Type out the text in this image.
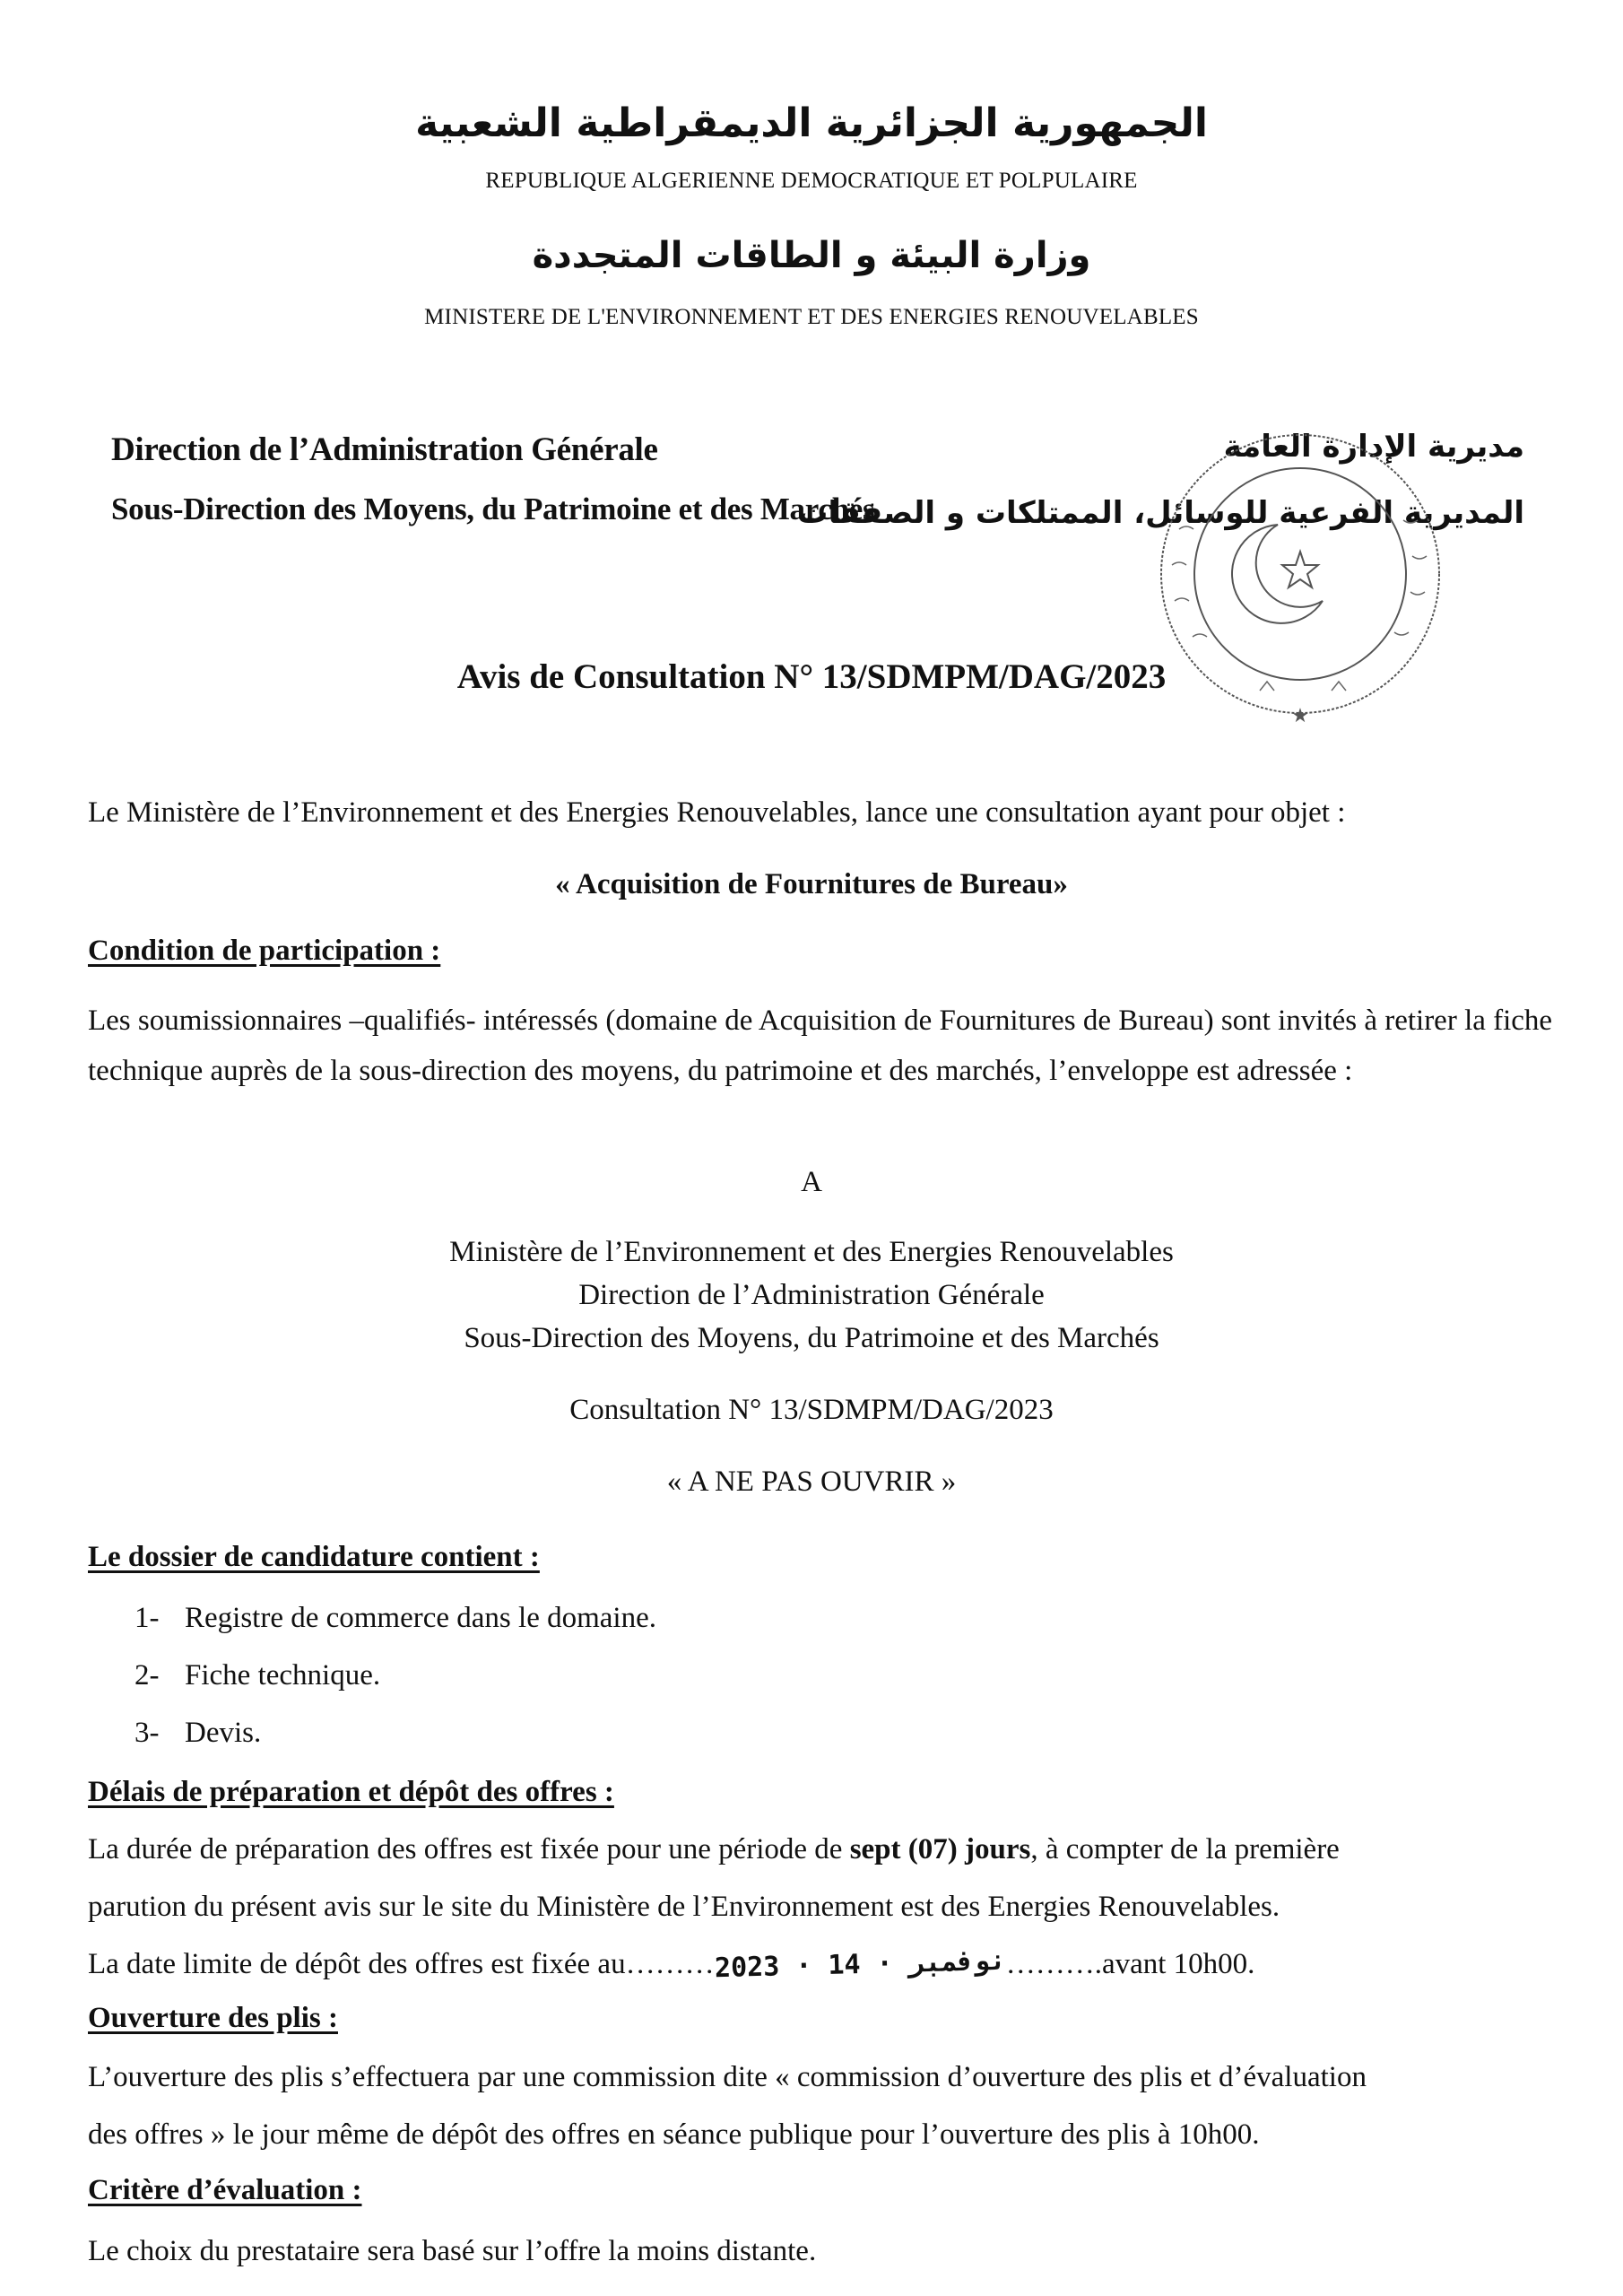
الجمهورية الجزائرية الديمقراطية الشعبية
REPUBLIQUE ALGERIENNE DEMOCRATIQUE ET POLPULAIRE
وزارة البيئة و الطاقات المتجددة
MINISTERE DE L'ENVIRONNEMENT ET DES ENERGIES RENOUVELABLES
Direction de l’Administration Générale
Sous-Direction des Moyens, du Patrimoine et des Marchés
مديرية الإدارة العامة
المديرية الفرعية للوسائل، الممتلكات و الصفقات
★
Avis de Consultation N° 13/SDMPM/DAG/2023
Le Ministère de l’Environnement et des Energies Renouvelables, lance une consultation ayant pour objet :
« Acquisition de Fournitures de Bureau»
Condition de participation :
Les soumissionnaires –qualifiés- intéressés (domaine de Acquisition de Fournitures de Bureau) sont invités à retirer la fiche technique auprès de la sous-direction des moyens, du patrimoine et des marchés, l’enveloppe est adressée :
A
Ministère de l’Environnement et des Energies Renouvelables
Direction de l’Administration Générale
Sous-Direction des Moyens, du Patrimoine et des Marchés
Consultation N° 13/SDMPM/DAG/2023
« A NE PAS OUVRIR »
Le dossier de candidature contient :
1- Registre de commerce dans le domaine.
2- Fiche technique.
3- Devis.
Délais de préparation et dépôt des offres :
La durée de préparation des offres est fixée pour une période de sept (07) jours, à compter de la première
parution du présent avis sur le site du Ministère de l’Environnement est des Energies Renouvelables.
La date limite de dépôt des offres est fixée au………2023 · نوفمبر · 14……….avant 10h00.
Ouverture des plis :
L’ouverture des plis s’effectuera par une commission dite « commission d’ouverture des plis et d’évaluation
des offres » le jour même de dépôt des offres en séance publique pour l’ouverture des plis à 10h00.
Critère d’évaluation :
Le choix du prestataire sera basé sur l’offre la moins distante.
